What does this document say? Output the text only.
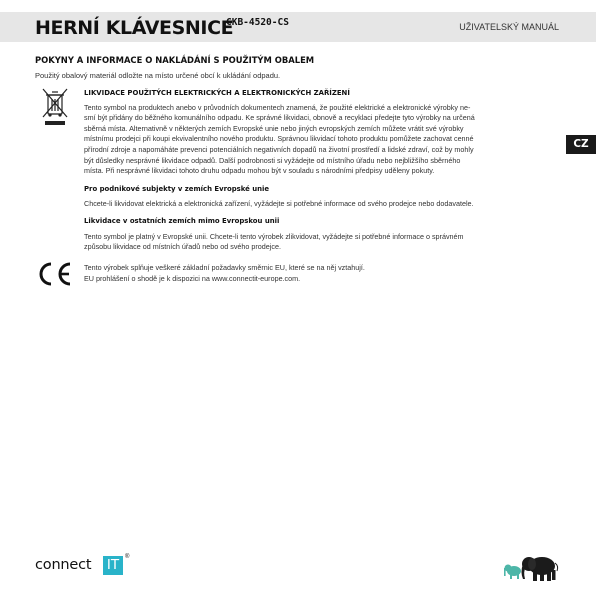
HERNÍ KLÁVESNICE
CKB-4520-CS	UŽIVATELSKÝ MANUÁL
CZ
POKYNY A INFORMACE O NAKLÁDÁNÍ S POUŽITÝM OBALEM
Použitý obalový materiál odložte na místo určené obcí k ukládání odpadu.
LIKVIDACE POUŽITÝCH ELEKTRICKÝCH A ELEKTRONICKÝCH ZAŘÍZENÍ
Tento symbol na produktech anebo v průvodních dokumentech znamená, že použité elektrické a elektronické výrobky ne-
smí být přidány do běžného komunálního odpadu. Ke správné likvidaci, obnově a recyklaci předejte tyto výrobky na určená
sběrná místa. Alternativně v některých zemích Evropské unie nebo jiných evropských zemích můžete vrátit své výrobky
místnímu prodejci při koupi ekvivalentního nového produktu. Správnou likvidací tohoto produktu pomůžete zachovat cenné
přírodní zdroje a napomáháte prevenci potenciálních negativních dopadů na životní prostředí a lidské zdraví, což by mohly
být důsledky nesprávné likvidace odpadů. Další podrobnosti si vyžádejte od místního úřadu nebo nejbližšího sběrného
místa. Při nesprávné likvidaci tohoto druhu odpadu mohou být v souladu s národními předpisy uděleny pokuty.
Pro podnikové subjekty v zemích Evropské unie
Chcete-li likvidovat elektrická a elektronická zařízení, vyžádejte si potřebné informace od svého prodejce nebo dodavatele.
Likvidace v ostatních zemích mimo Evropskou unii
Tento symbol je platný v Evropské unii. Chcete-li tento výrobek zlikvidovat, vyžádejte si potřebné informace o správném
způsobu likvidace od místních úřadů nebo od svého prodejce.
Tento výrobek splňuje veškeré základní požadavky směrnic EU, které se na něj vztahují.
EU prohlášení o shodě je k dispozici na www.connectit-europe.com.
connect IT ®
